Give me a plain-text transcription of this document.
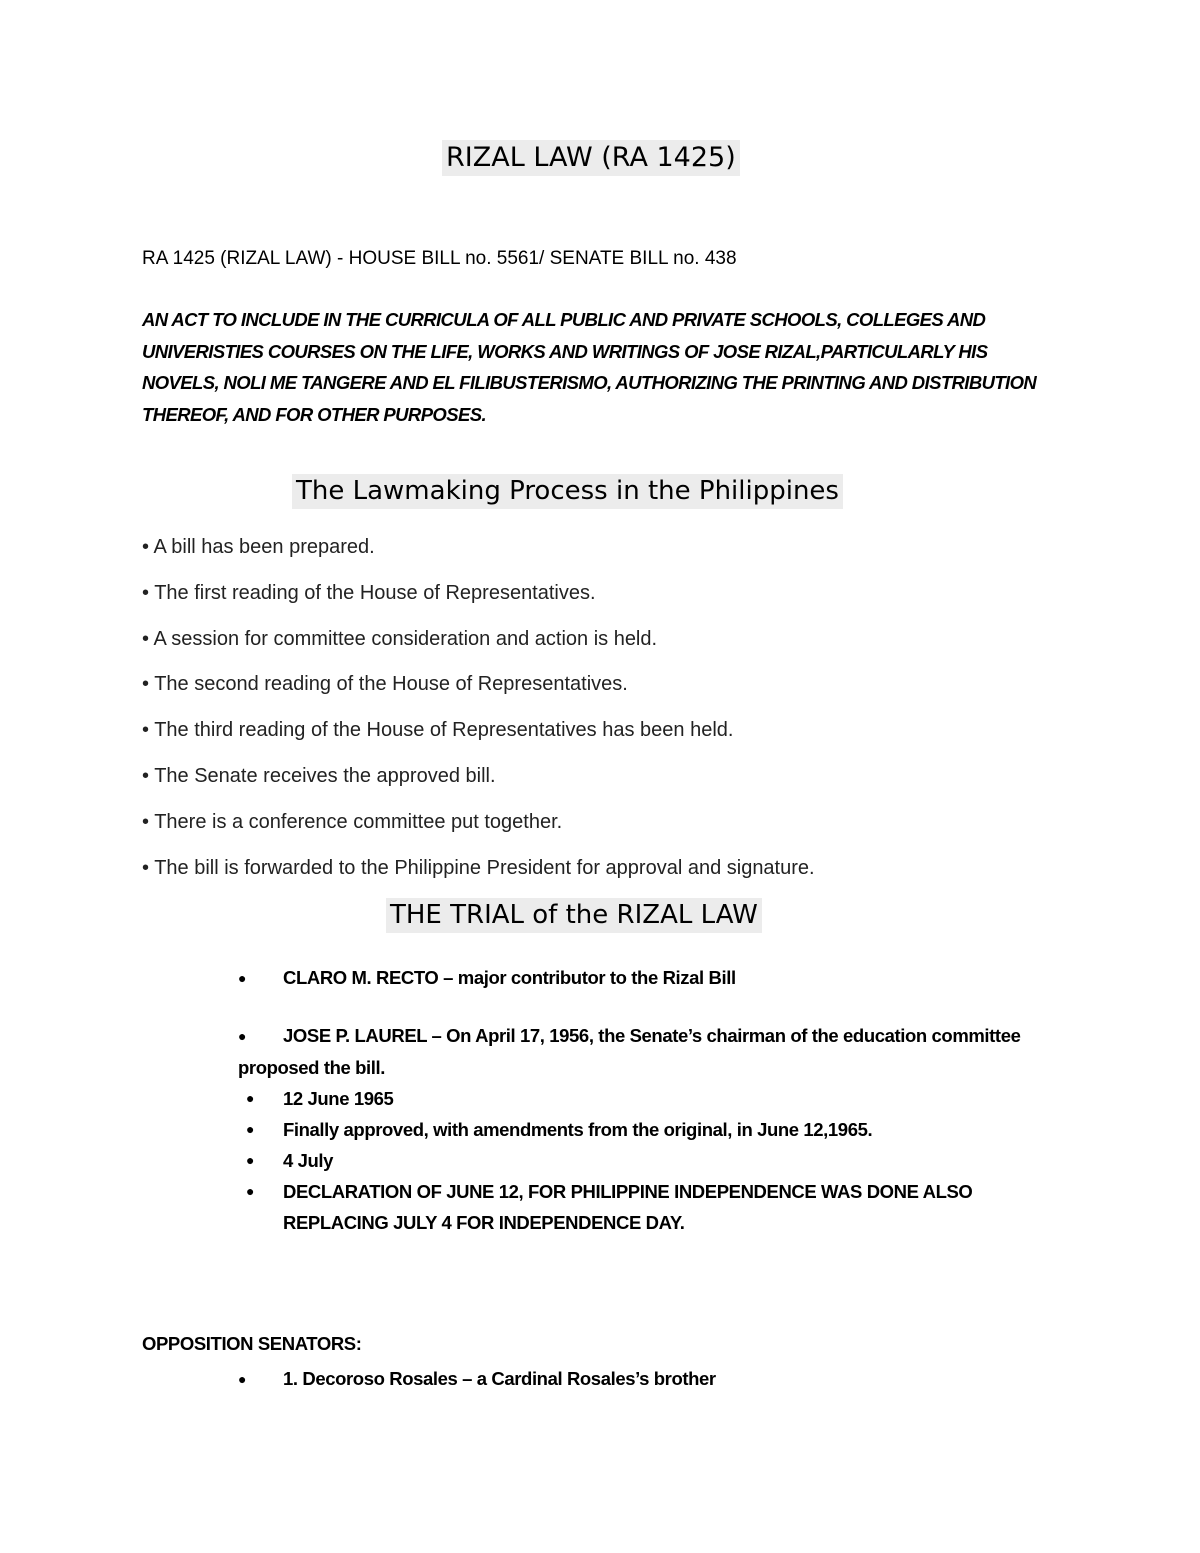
RIZAL LAW (RA 1425)
RA 1425 (RIZAL LAW) - HOUSE BILL no. 5561/ SENATE BILL no. 438

AN ACT TO INCLUDE IN THE CURRICULA OF ALL PUBLIC AND PRIVATE SCHOOLS, COLLEGES AND UNIVERISTIES COURSES ON THE LIFE, WORKS AND WRITINGS OF JOSE RIZAL,PARTICULARLY HIS NOVELS, NOLI ME TANGERE AND EL FILIBUSTERISMO, AUTHORIZING THE PRINTING AND DISTRIBUTION THEREOF, AND FOR OTHER PURPOSES.

The Lawmaking Process in the Philippines
• A bill has been prepared.
• The first reading of the House of Representatives.
• A session for committee consideration and action is held.
• The second reading of the House of Representatives.
• The third reading of the House of Representatives has been held.
• The Senate receives the approved bill.
• There is a conference committee put together.
• The bill is forwarded to the Philippine President for approval and signature.
THE TRIAL of the RIZAL LAW
● CLARO M. RECTO – major contributor to the Rizal Bill
● JOSE P. LAUREL – On April 17, 1956, the Senate’s chairman of the education committee proposed the bill.
● 12 June 1965
● Finally approved, with amendments from the original, in June 12,1965.
● 4 July
● DECLARATION OF JUNE 12, FOR PHILIPPINE INDEPENDENCE WAS DONE ALSO REPLACING JULY 4 FOR INDEPENDENCE DAY.
OPPOSITION SENATORS:
● 1. Decoroso Rosales – a Cardinal Rosales’s brother
